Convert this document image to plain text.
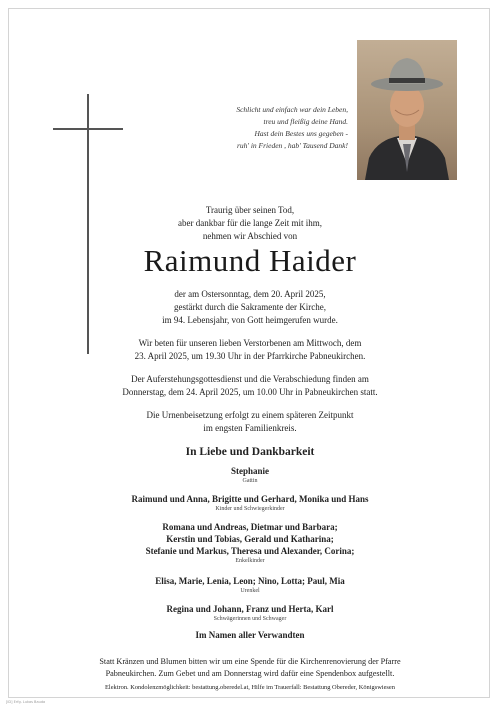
Schlicht und einfach war dein Leben,
treu und fleißig deine Hand.
Hast dein Bestes uns gegeben -
ruh' in Frieden , hab' Tausend Dank!
Traurig über seinen Tod,
aber dankbar für die lange Zeit mit ihm,
nehmen wir Abschied von
Raimund Haider
der am Ostersonntag, dem 20. April 2025,
gestärkt durch die Sakramente der Kirche,
im 94. Lebensjahr, von Gott heimgerufen wurde.
Wir beten für unseren lieben Verstorbenen am Mittwoch, dem
23. April 2025, um 19.30 Uhr in der Pfarrkirche Pabneukirchen.
Der Auferstehungsgottesdienst und die Verabschiedung finden am
Donnerstag, dem 24. April 2025, um 10.00 Uhr in Pabneukirchen statt.
Die Urnenbeisetzung erfolgt zu einem späteren Zeitpunkt
im engsten Familienkreis.
In Liebe und Dankbarkeit
Stephanie
Gattin
Raimund und Anna, Brigitte und Gerhard, Monika und Hans
Kinder und Schwiegerkinder
Romana und Andreas, Dietmar und Barbara;
Kerstin und Tobias, Gerald und Katharina;
Stefanie und Markus, Theresa und Alexander, Corina;
Enkelkinder
Elisa, Marie, Lenia, Leon; Nino, Lotta; Paul, Mia
Urenkel
Regina und Johann, Franz und Herta, Karl
Schwägerinnen und Schwager
Im Namen aller Verwandten
Statt Kränzen und Blumen bitten wir um eine Spende für die Kirchenrenovierung der Pfarre
Pabneukirchen. Zum Gebet und am Donnerstag wird dafür eine Spendenbox aufgestellt.
Elektron. Kondolenzmöglichkeit: bestattung.oberedel.at, Hilfe im Trauerfall: Bestattung Obereder, Königswiesen
[ID] Erfg. Lukas Bauda
